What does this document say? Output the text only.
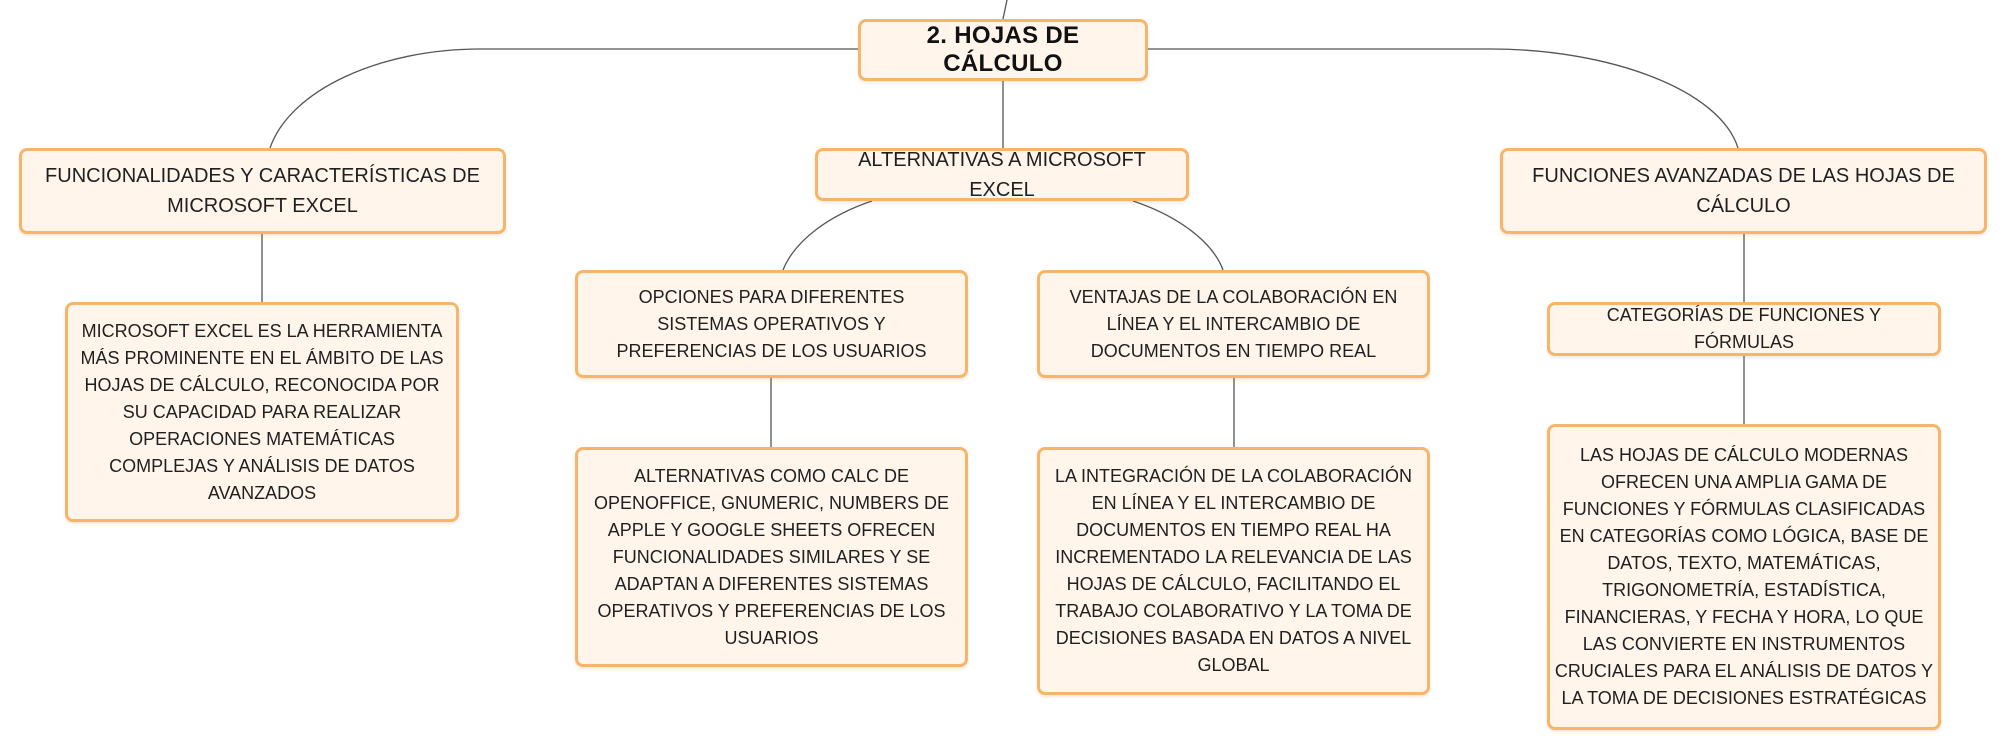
2. HOJAS DE CÁLCULO
FUNCIONALIDADES Y CARACTERÍSTICAS DE MICROSOFT EXCEL
MICROSOFT EXCEL ES LA HERRAMIENTA MÁS PROMINENTE EN EL ÁMBITO DE LAS HOJAS DE CÁLCULO, RECONOCIDA POR SU CAPACIDAD PARA REALIZAR OPERACIONES MATEMÁTICAS COMPLEJAS Y ANÁLISIS DE DATOS AVANZADOS
ALTERNATIVAS A MICROSOFT EXCEL
OPCIONES PARA DIFERENTES SISTEMAS OPERATIVOS Y PREFERENCIAS DE LOS USUARIOS
ALTERNATIVAS COMO CALC DE OPENOFFICE, GNUMERIC, NUMBERS DE APPLE Y GOOGLE SHEETS OFRECEN FUNCIONALIDADES SIMILARES Y SE ADAPTAN A DIFERENTES SISTEMAS OPERATIVOS Y PREFERENCIAS DE LOS USUARIOS
VENTAJAS DE LA COLABORACIÓN EN LÍNEA Y EL INTERCAMBIO DE DOCUMENTOS EN TIEMPO REAL
LA INTEGRACIÓN DE LA COLABORACIÓN EN LÍNEA Y EL INTERCAMBIO DE DOCUMENTOS EN TIEMPO REAL HA INCREMENTADO LA RELEVANCIA DE LAS HOJAS DE CÁLCULO, FACILITANDO EL TRABAJO COLABORATIVO Y LA TOMA DE DECISIONES BASADA EN DATOS A NIVEL GLOBAL
FUNCIONES AVANZADAS DE LAS HOJAS DE CÁLCULO
CATEGORÍAS DE FUNCIONES Y FÓRMULAS
LAS HOJAS DE CÁLCULO MODERNAS OFRECEN UNA AMPLIA GAMA DE FUNCIONES Y FÓRMULAS CLASIFICADAS EN CATEGORÍAS COMO LÓGICA, BASE DE DATOS, TEXTO, MATEMÁTICAS, TRIGONOMETRÍA, ESTADÍSTICA, FINANCIERAS, Y FECHA Y HORA, LO QUE LAS CONVIERTE EN INSTRUMENTOS CRUCIALES PARA EL ANÁLISIS DE DATOS Y LA TOMA DE DECISIONES ESTRATÉGICAS
